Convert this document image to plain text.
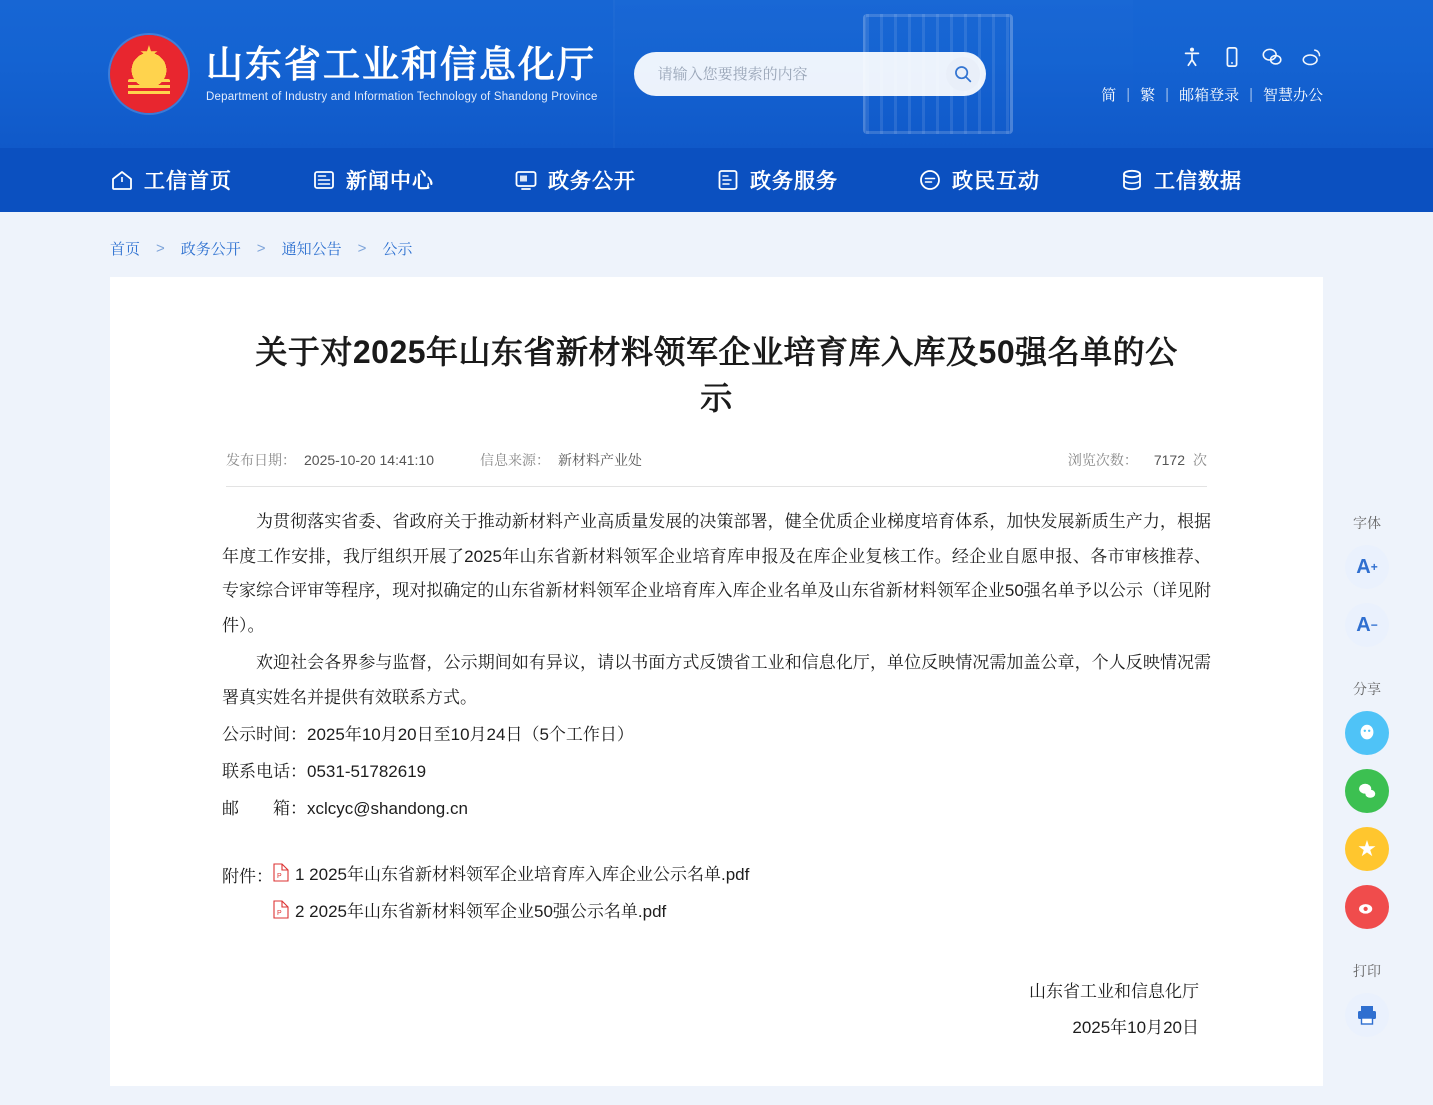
★
山东省工业和信息化厅
Department of Industry and Information Technology of Shandong Province
请输入您要搜索的内容	简 | 繁 | 邮箱登录 | 智慧办公
工信首页	新闻中心	政务公开	政务服务	政民互动	工信数据
首页 > 政务公开 > 通知公告 > 公示
关于对2025年山东省新材料领军企业培育库入库及50强名单的公示
发布日期： 2025-10-20 14:41:10	信息来源： 新材料产业处	浏览次数： 7172 次

为贯彻落实省委、省政府关于推动新材料产业高质量发展的决策部署，健全优质企业梯度培育体系，加快发展新质生产力，根据年度工作安排，我厅组织开展了2025年山东省新材料领军企业培育库申报及在库企业复核工作。经企业自愿申报、各市审核推荐、专家综合评审等程序，现对拟确定的山东省新材料领军企业培育库入库企业名单及山东省新材料领军企业50强名单予以公示（详见附件）。

欢迎社会各界参与监督，公示期间如有异议，请以书面方式反馈省工业和信息化厅，单位反映情况需加盖公章，个人反映情况需署真实姓名并提供有效联系方式。

公示时间：2025年10月20日至10月24日（5个工作日）

联系电话：0531-51782619

邮　　箱：xclcyc@shandong.cn

附件： P 1 2025年山东省新材料领军企业培育库入库企业公示名单.pdf
P 2 2025年山东省新材料领军企业50强公示名单.pdf
山东省工业和信息化厅
2025年10月20日
字体
A +
A −
分享
★
打印
